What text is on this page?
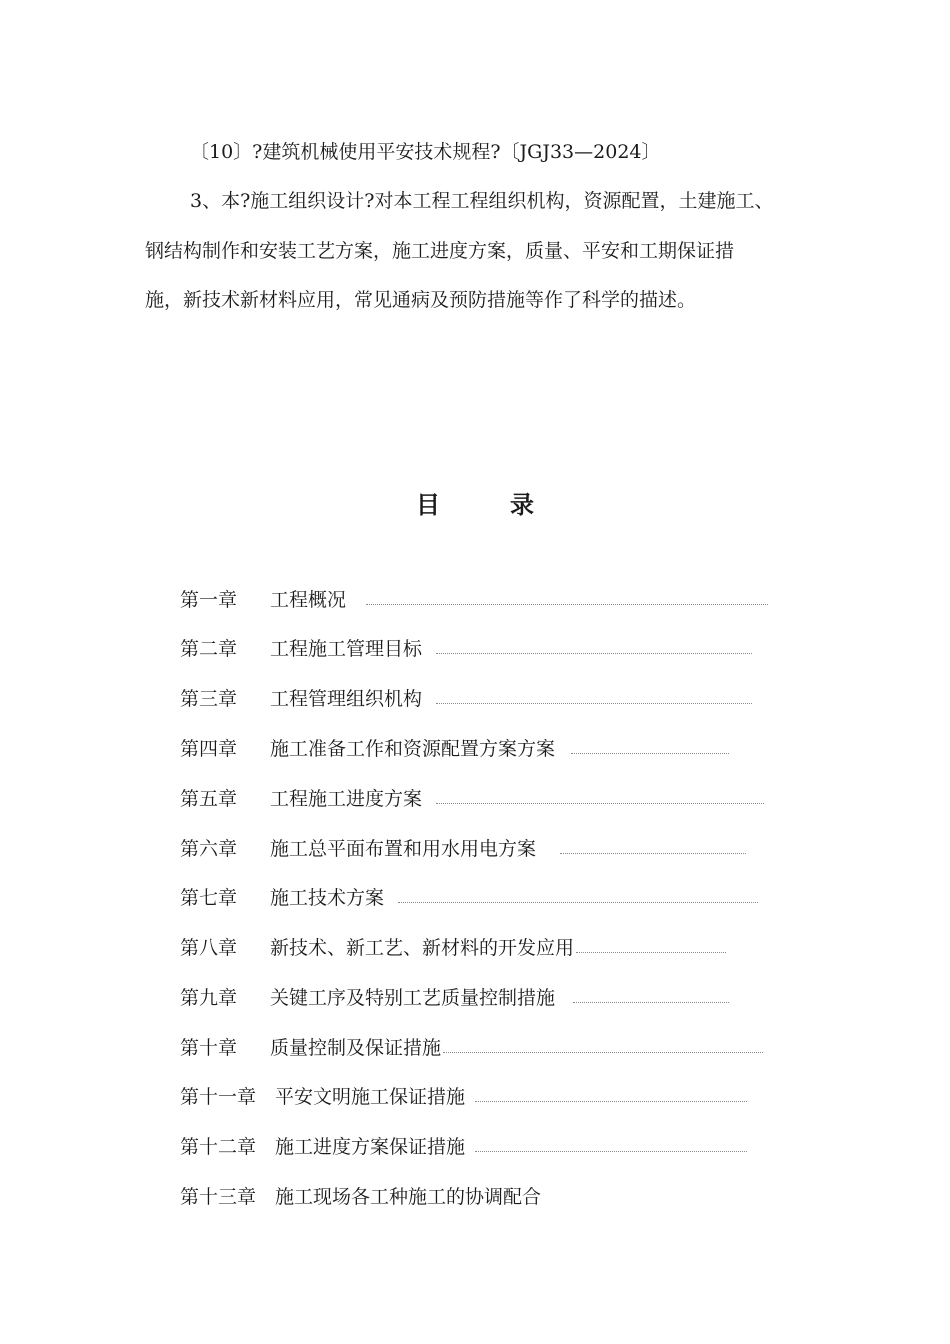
〔10〕?建筑机械使用平安技术规程?〔JGJ33—2024〕
3、本?施工组织设计?对本工程工程组织机构，资源配置，土建施工、
钢结构制作和安装工艺方案，施工进度方案，质量、平安和工期保证措
施，新技术新材料应用，常见通病及预防措施等作了科学的描述。
目	录
第一章	工程概况
第二章	工程施工管理目标
第三章	工程管理组织机构
第四章	施工准备工作和资源配置方案方案
第五章	工程施工进度方案
第六章	施工总平面布置和用水用电方案
第七章	施工技术方案
第八章	新技术、新工艺、新材料的开发应用
第九章	关键工序及特别工艺质量控制措施
第十章	质量控制及保证措施
第十一章 平安文明施工保证措施
第十二章 施工进度方案保证措施
第十三章 施工现场各工种施工的协调配合
